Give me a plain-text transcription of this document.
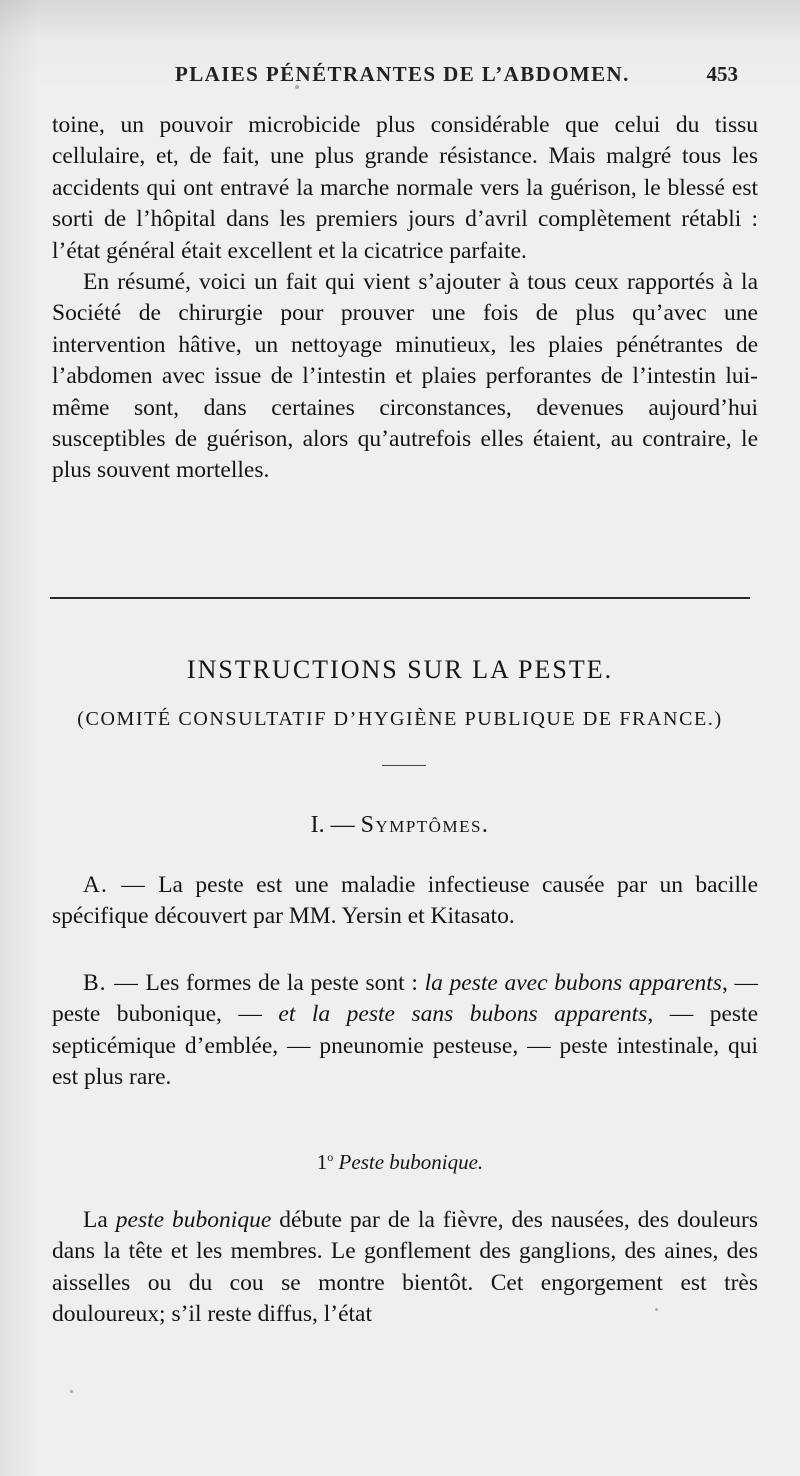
PLAIES PÉNÉTRANTES DE L’ABDOMEN.	453

toine, un pouvoir microbicide plus considérable que celui du tissu cellulaire, et, de fait, une plus grande résistance. Mais malgré tous les accidents qui ont entravé la marche normale vers la guérison, le blessé est sorti de l’hôpital dans les premiers jours d’avril complètement rétabli : l’état général était excellent et la cicatrice parfaite.

En résumé, voici un fait qui vient s’ajouter à tous ceux rapportés à la Société de chirurgie pour prouver une fois de plus qu’avec une intervention hâtive, un nettoyage minutieux, les plaies pénétrantes de l’abdomen avec issue de l’intestin et plaies perforantes de l’intestin lui-même sont, dans certaines circonstances, devenues aujourd’hui susceptibles de guérison, alors qu’autrefois elles étaient, au contraire, le plus souvent mortelles.

INSTRUCTIONS SUR LA PESTE.
(COMITÉ CONSULTATIF D’HYGIÈNE PUBLIQUE DE FRANCE.)
I. — Symptômes.

A. — La peste est une maladie infectieuse causée par un bacille spécifique découvert par MM. Yersin et Kitasato.

B. — Les formes de la peste sont : la peste avec bubons apparents, — peste bubonique, — et la peste sans bubons apparents, — peste septicémique d’emblée, — pneunomie pesteuse, — peste intestinale, qui est plus rare.

1$^o$ Peste bubonique.

La peste bubonique débute par de la fièvre, des nausées, des douleurs dans la tête et les membres. Le gonflement des ganglions, des aines, des aisselles ou du cou se montre bientôt. Cet engorgement est très douloureux; s’il reste diffus, l’état
